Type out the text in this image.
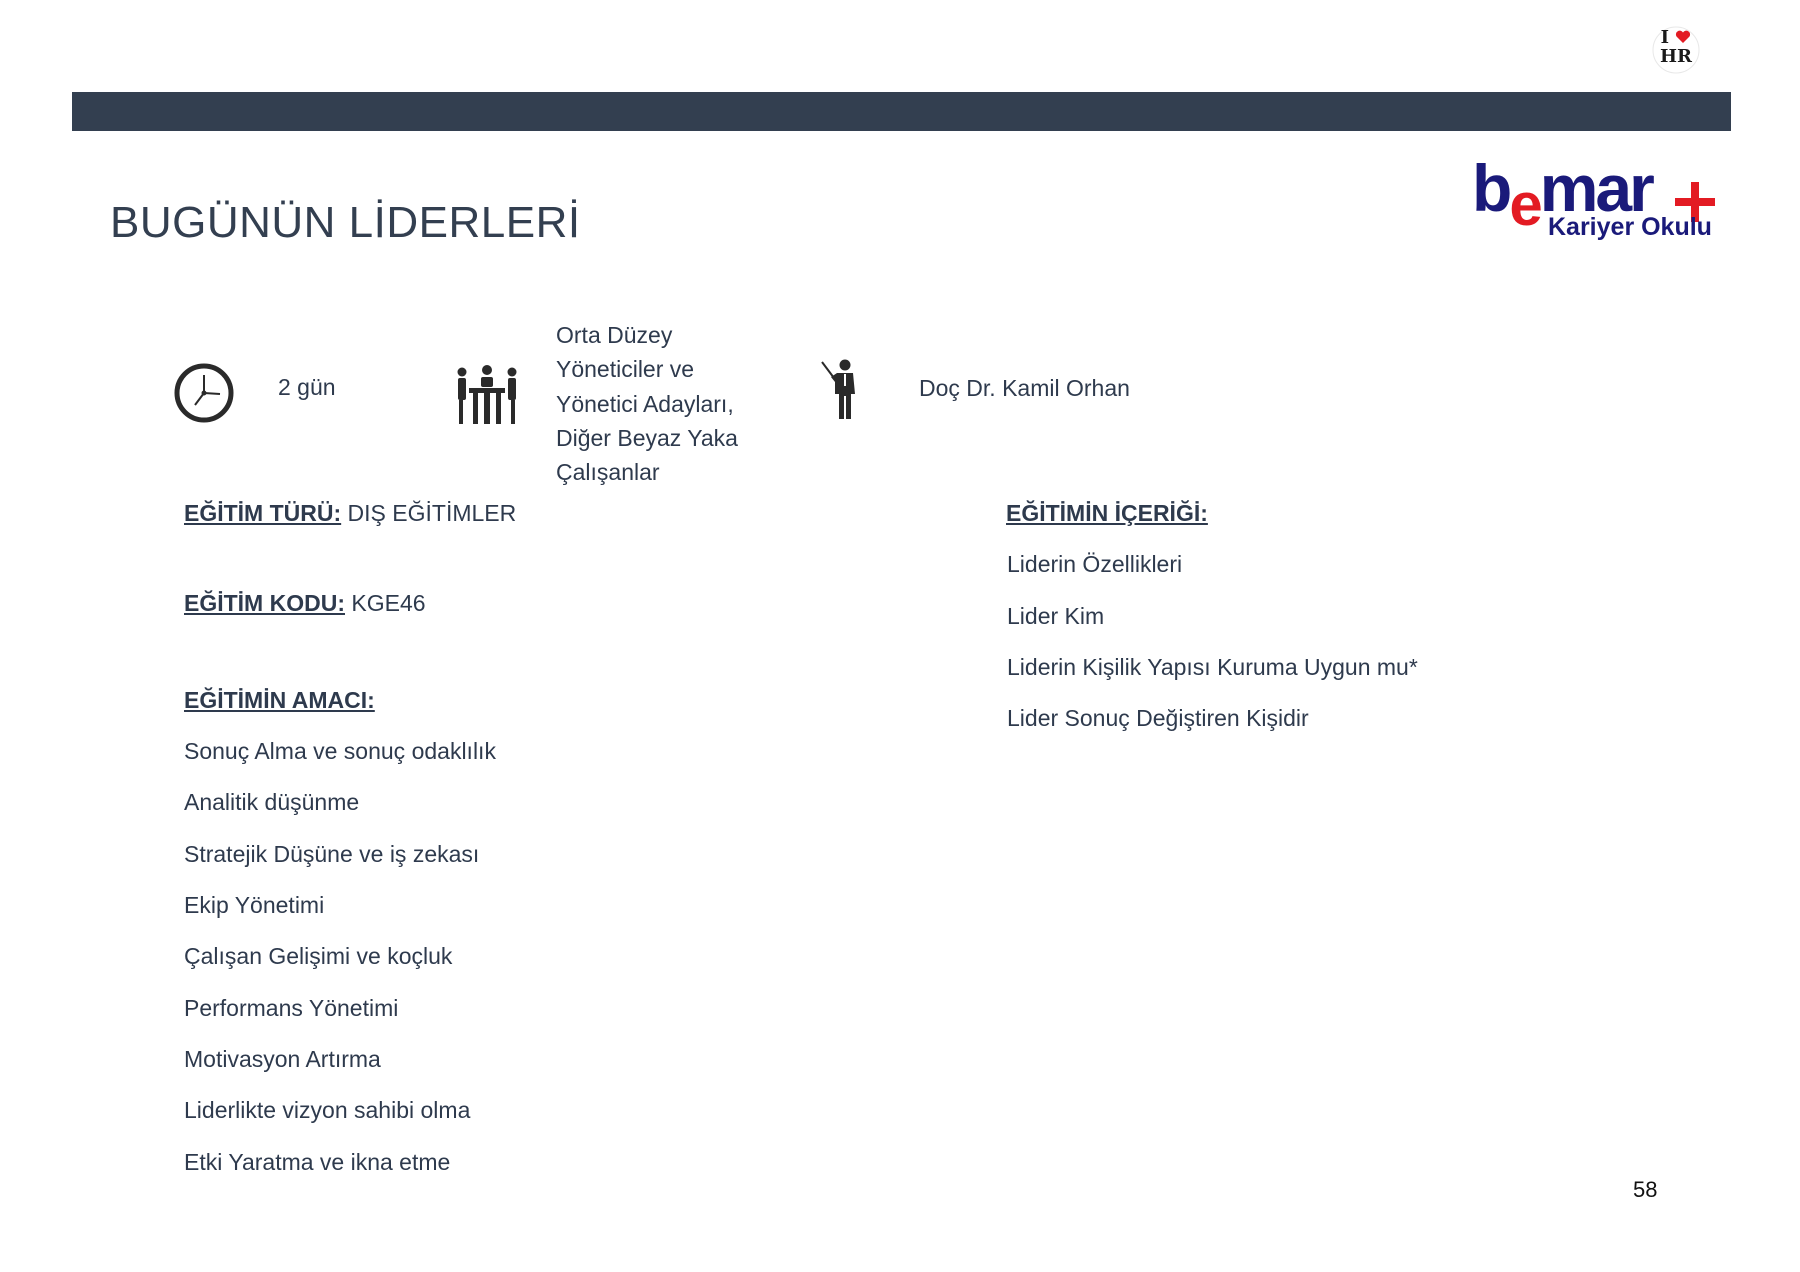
I
HR
bemar
Kariyer Okulu
BUGÜNÜN LİDERLERİ
2 gün
Orta Düzey
Yöneticiler ve
Yönetici Adayları,
Diğer Beyaz Yaka
Çalışanlar
Doç Dr. Kamil Orhan
EĞİTİM TÜRÜ: DIŞ EĞİTİMLER
EĞİTİM KODU: KGE46
EĞİTİMİN AMACI:
Sonuç Alma ve sonuç odaklılık
Analitik düşünme
Stratejik Düşüne ve iş zekası
Ekip Yönetimi
Çalışan Gelişimi ve koçluk
Performans Yönetimi
Motivasyon Artırma
Liderlikte vizyon sahibi olma
Etki Yaratma ve ikna etme
EĞİTİMİN İÇERİĞİ:
Liderin Özellikleri
Lider Kim
Liderin Kişilik Yapısı Kuruma Uygun mu*
Lider Sonuç Değiştiren Kişidir
58
